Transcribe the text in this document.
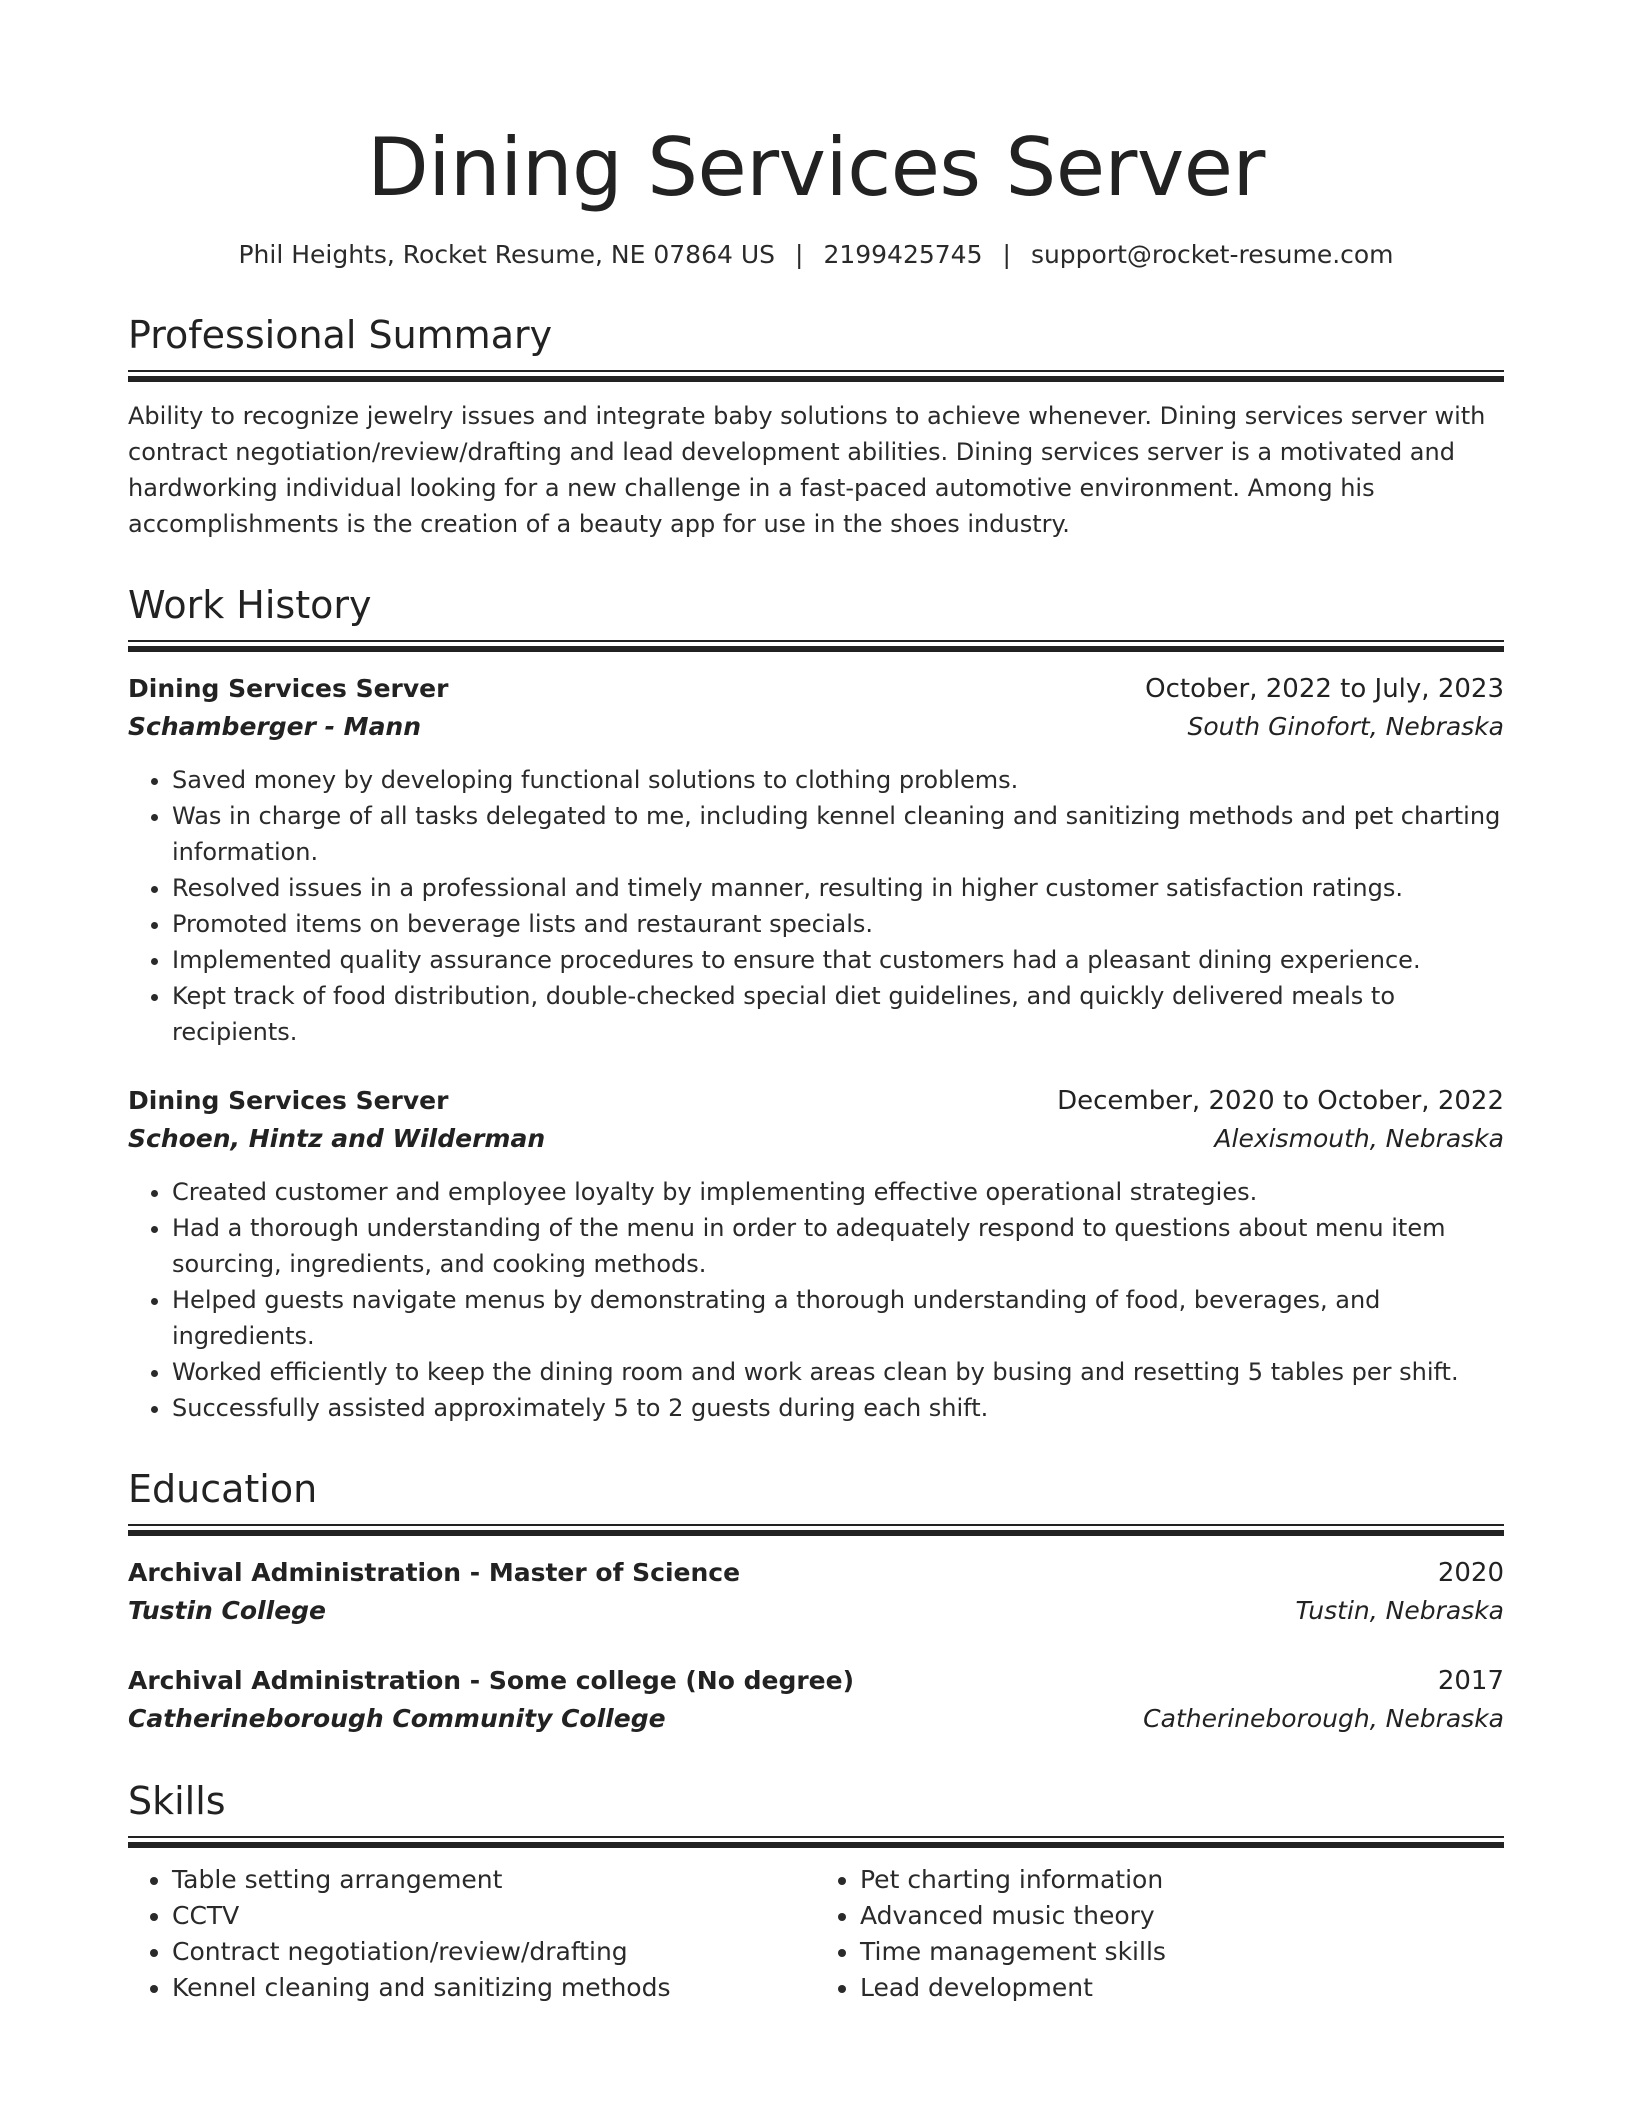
Dining Services Server
Phil Heights, Rocket Resume, NE 07864 US | 2199425745 | support@rocket-resume.com
Professional Summary
Ability to recognize jewelry issues and integrate baby solutions to achieve whenever. Dining services server with contract negotiation/review/drafting and lead development abilities. Dining services server is a motivated and hardworking individual looking for a new challenge in a fast-paced automotive environment. Among his accomplishments is the creation of a beauty app for use in the shoes industry.
Work History
Dining Services Server	October, 2022 to July, 2023
Schamberger - Mann	South Ginofort, Nebraska
• Saved money by developing functional solutions to clothing problems.
• Was in charge of all tasks delegated to me, including kennel cleaning and sanitizing methods and pet charting information.
• Resolved issues in a professional and timely manner, resulting in higher customer satisfaction ratings.
• Promoted items on beverage lists and restaurant specials.
• Implemented quality assurance procedures to ensure that customers had a pleasant dining experience.
• Kept track of food distribution, double-checked special diet guidelines, and quickly delivered meals to recipients.
Dining Services Server	December, 2020 to October, 2022
Schoen, Hintz and Wilderman	Alexismouth, Nebraska
• Created customer and employee loyalty by implementing effective operational strategies.
• Had a thorough understanding of the menu in order to adequately respond to questions about menu item sourcing, ingredients, and cooking methods.
• Helped guests navigate menus by demonstrating a thorough understanding of food, beverages, and ingredients.
• Worked efficiently to keep the dining room and work areas clean by busing and resetting 5 tables per shift.
• Successfully assisted approximately 5 to 2 guests during each shift.
Education
Archival Administration - Master of Science	2020
Tustin College	Tustin, Nebraska
Archival Administration - Some college (No degree)	2017
Catherineborough Community College	Catherineborough, Nebraska
Skills
• Table setting arrangement
• CCTV
• Contract negotiation/review/drafting
• Kennel cleaning and sanitizing methods
• Pet charting information
• Advanced music theory
• Time management skills
• Lead development
